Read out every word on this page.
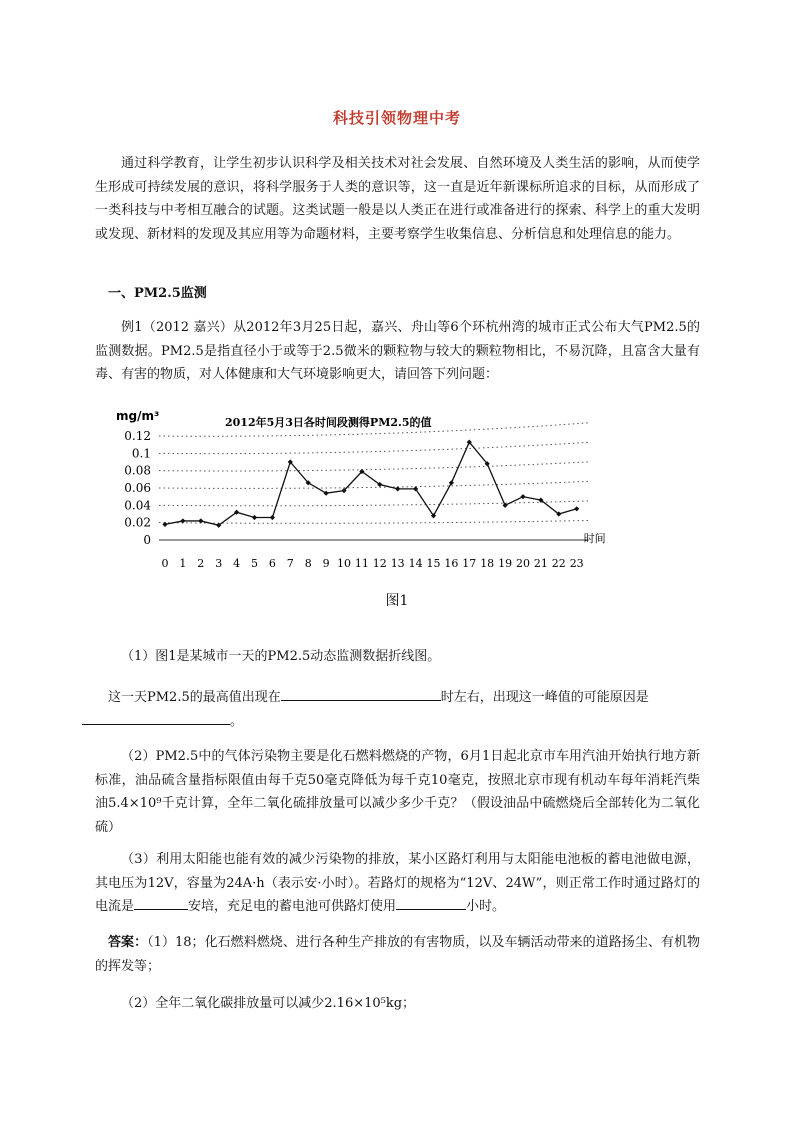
科技引领物理中考
通过科学教育，让学生初步认识科学及相关技术对社会发展、自然环境及人类生活的影响，从而使学生形成可持续发展的意识，将科学服务于人类的意识等，这一直是近年新课标所追求的目标，从而形成了一类科技与中考相互融合的试题。这类试题一般是以人类正在进行或准备进行的探索、科学上的重大发明或发现、新材料的发现及其应用等为命题材料，主要考察学生收集信息、分析信息和处理信息的能力。
一、PM2.5监测
例1（2012 嘉兴）从2012年3月25日起，嘉兴、舟山等6个环杭州湾的城市正式公布大气PM2.5的监测数据。PM2.5是指直径小于或等于2.5微米的颗粒物与较大的颗粒物相比，不易沉降，且富含大量有毒、有害的物质，对人体健康和大气环境影响更大，请回答下列问题：
0
0.02
0.04
0.06
0.08
0.1
0.12
mg/m³	2012年5月3日各时间段测得PM2.5的值
0 1 2 3 4 5 6 7 8 9 10 11 12 13 14 15 16 17 18 19 20 21 22 23
时间
图1
（1）图1是某城市一天的PM2.5动态监测数据折线图。
这一天PM2.5的最高值出现在	时左右，出现这一峰值的可能原因是
。
（2）PM2.5中的气体污染物主要是化石燃料燃烧的产物，6月1日起北京市车用汽油开始执行地方新标准，油品硫含量指标限值由每千克50毫克降低为每千克10毫克，按照北京市现有机动车每年消耗汽柴油5.4×10⁹千克计算，全年二氧化硫排放量可以减少多少千克？（假设油品中硫燃烧后全部转化为二氧化硫）
（3）利用太阳能也能有效的减少污染物的排放，某小区路灯利用与太阳能电池板的蓄电池做电源，其电压为12V，容量为24A·h（表示安·小时）。若路灯的规格为“12V、24W”，则正常工作时通过路灯的电流是	安培，充足电的蓄电池可供路灯使用	小时。
答案：（1）18；化石燃料燃烧、进行各种生产排放的有害物质，以及车辆活动带来的道路扬尘、有机物的挥发等；
（2）全年二氧化碳排放量可以减少2.16×10⁵kg；
